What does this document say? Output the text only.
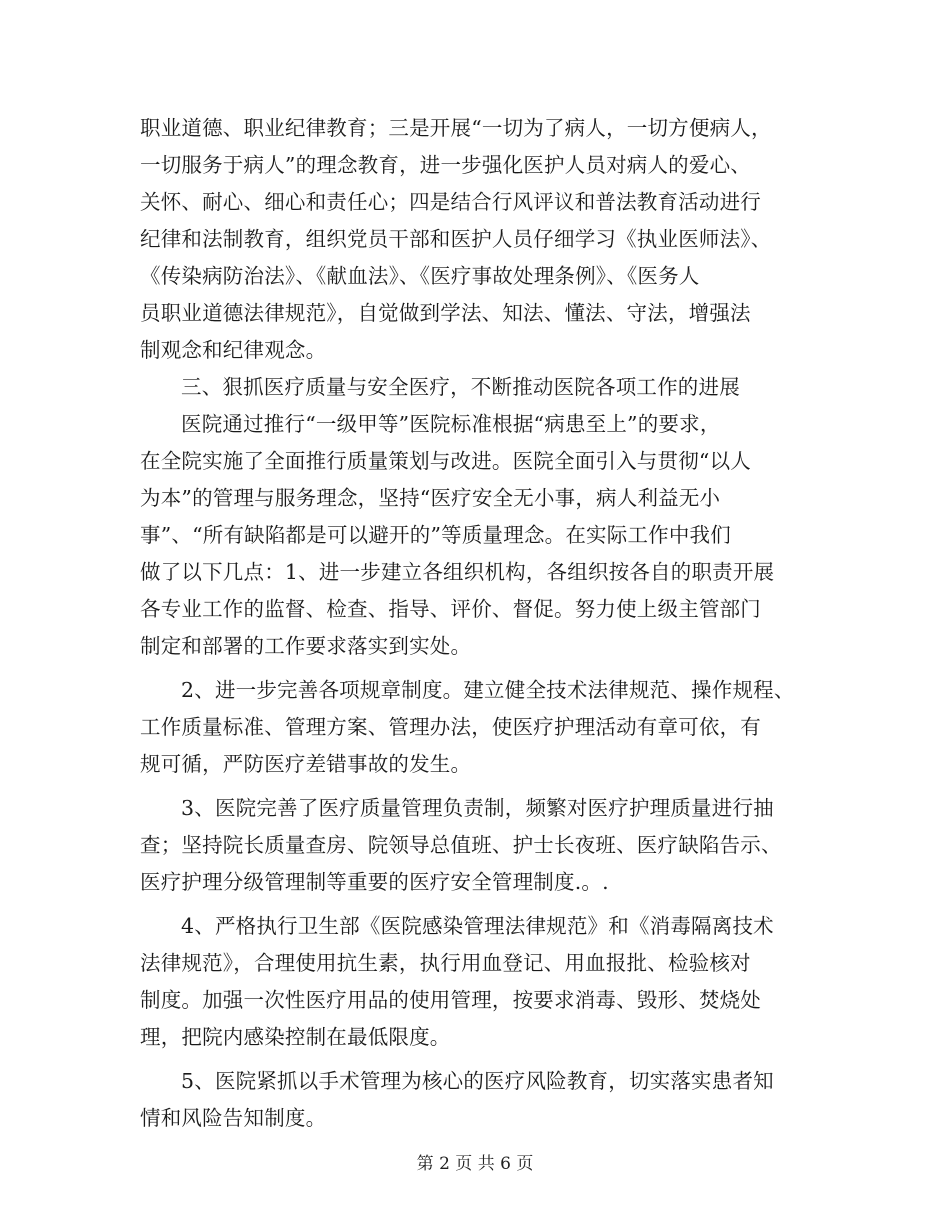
职业道德、职业纪律教育；三是开展“一切为了病人，一切方便病人，
一切服务于病人”的理念教育，进一步强化医护人员对病人的爱心、
关怀、耐心、细心和责任心；四是结合行风评议和普法教育活动进行
纪律和法制教育，组织党员干部和医护人员仔细学习《执业医师法》、
《传染病防治法》、《献血法》、《医疗事故处理条例》、《医务人
员职业道德法律规范》，自觉做到学法、知法、懂法、守法，增强法
制观念和纪律观念。
三、狠抓医疗质量与安全医疗，不断推动医院各项工作的进展
医院通过推行“一级甲等”医院标准根据“病患至上”的要求，
在全院实施了全面推行质量策划与改进。医院全面引入与贯彻“以人
为本”的管理与服务理念，坚持“医疗安全无小事，病人利益无小
事”、“所有缺陷都是可以避开的”等质量理念。在实际工作中我们
做了以下几点：1、进一步建立各组织机构，各组织按各自的职责开展
各专业工作的监督、检查、指导、评价、督促。努力使上级主管部门
制定和部署的工作要求落实到实处。
2、进一步完善各项规章制度。建立健全技术法律规范、操作规程、
工作质量标准、管理方案、管理办法，使医疗护理活动有章可依，有
规可循，严防医疗差错事故的发生。
3、医院完善了医疗质量管理负责制，频繁对医疗护理质量进行抽
查；坚持院长质量查房、院领导总值班、护士长夜班、医疗缺陷告示、
医疗护理分级管理制等重要的医疗安全管理制度.。.
4、严格执行卫生部《医院感染管理法律规范》和《消毒隔离技术
法律规范》，合理使用抗生素，执行用血登记、用血报批、检验核对
制度。加强一次性医疗用品的使用管理，按要求消毒、毁形、焚烧处
理，把院内感染控制在最低限度。
5、医院紧抓以手术管理为核心的医疗风险教育，切实落实患者知
情和风险告知制度。
第 2 页 共 6 页
